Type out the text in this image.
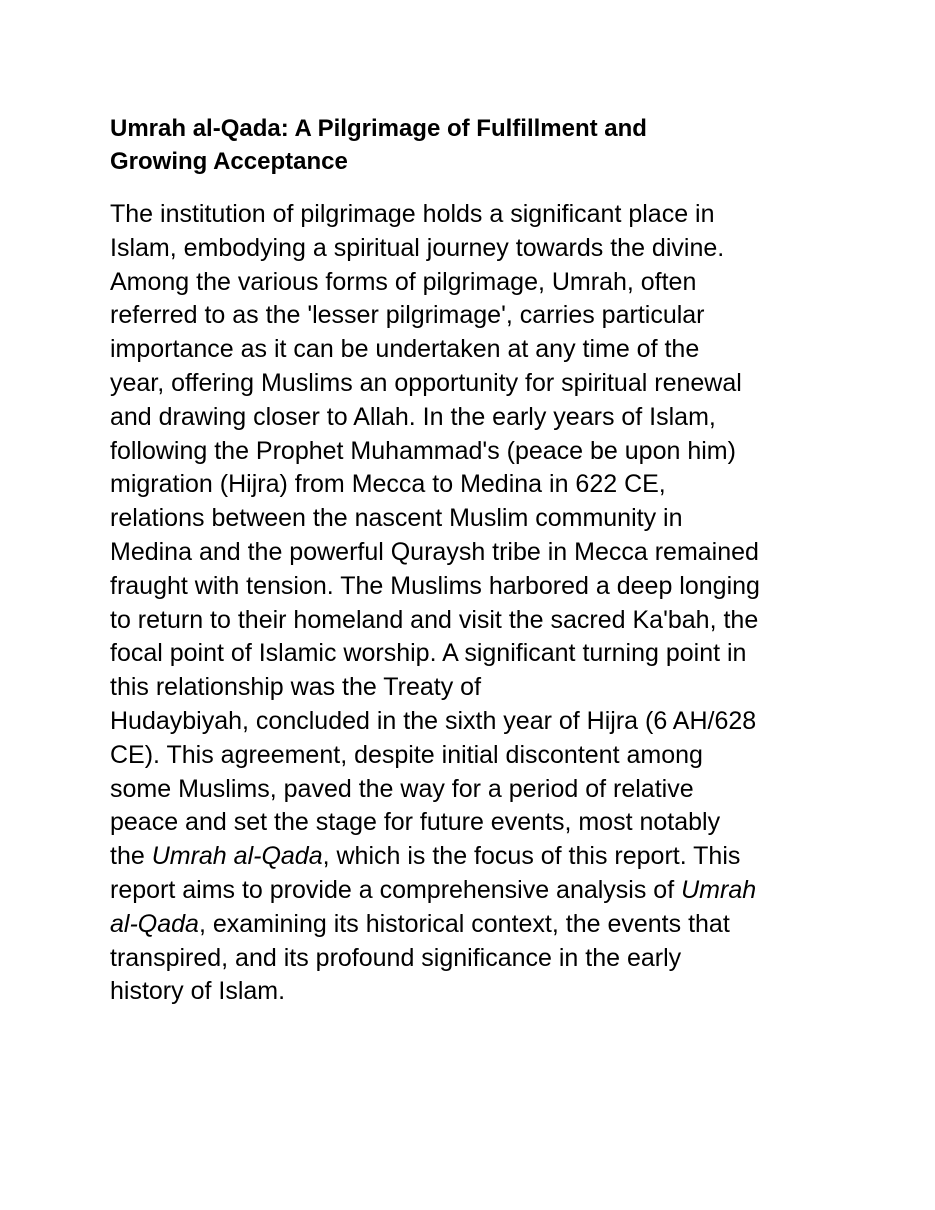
Umrah al-Qada: A Pilgrimage of Fulfillment and
Growing Acceptance

The institution of pilgrimage holds a significant place in
Islam, embodying a spiritual journey towards the divine.
Among the various forms of pilgrimage, Umrah, often
referred to as the 'lesser pilgrimage', carries particular
importance as it can be undertaken at any time of the
year, offering Muslims an opportunity for spiritual renewal
and drawing closer to Allah. In the early years of Islam,
following the Prophet Muhammad's (peace be upon him)
migration (Hijra) from Mecca to Medina in 622 CE,
relations between the nascent Muslim community in
Medina and the powerful Quraysh tribe in Mecca remained
fraught with tension. The Muslims harbored a deep longing
to return to their homeland and visit the sacred Ka'bah, the
focal point of Islamic worship. A significant turning point in
this relationship was the Treaty of
Hudaybiyah, concluded in the sixth year of Hijra (6 AH/628
CE). This agreement, despite initial discontent among
some Muslims, paved the way for a period of relative
peace and set the stage for future events, most notably
the Umrah al-Qada, which is the focus of this report. This
report aims to provide a comprehensive analysis of Umrah
al-Qada, examining its historical context, the events that
transpired, and its profound significance in the early
history of Islam.
